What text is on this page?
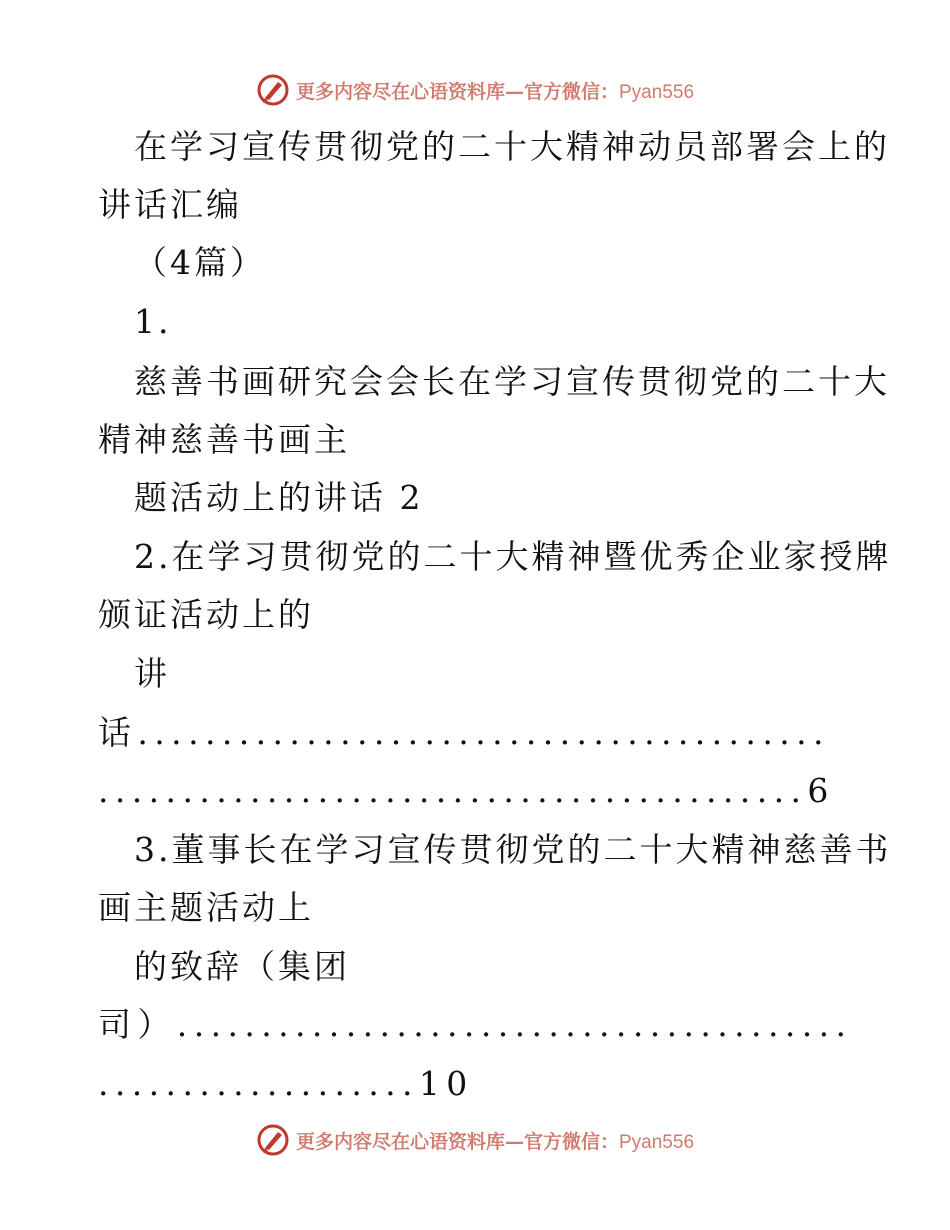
更多内容尽在心语资料库—官方微信：Pyan556

在学习宣传贯彻党的二十大精神动员部署会上的

讲话汇编

（4篇）

1.

慈善书画研究会会长在学习宣传贯彻党的二十大

精神慈善书画主

题活动上的讲话 2

2.在学习贯彻党的二十大精神暨优秀企业家授牌

颁证活动上的

讲

话.........................................

..........................................6

3.董事长在学习宣传贯彻党的二十大精神慈善书

画主题活动上

的致辞（集团

司）........................................

...................10

更多内容尽在心语资料库—官方微信：Pyan556
